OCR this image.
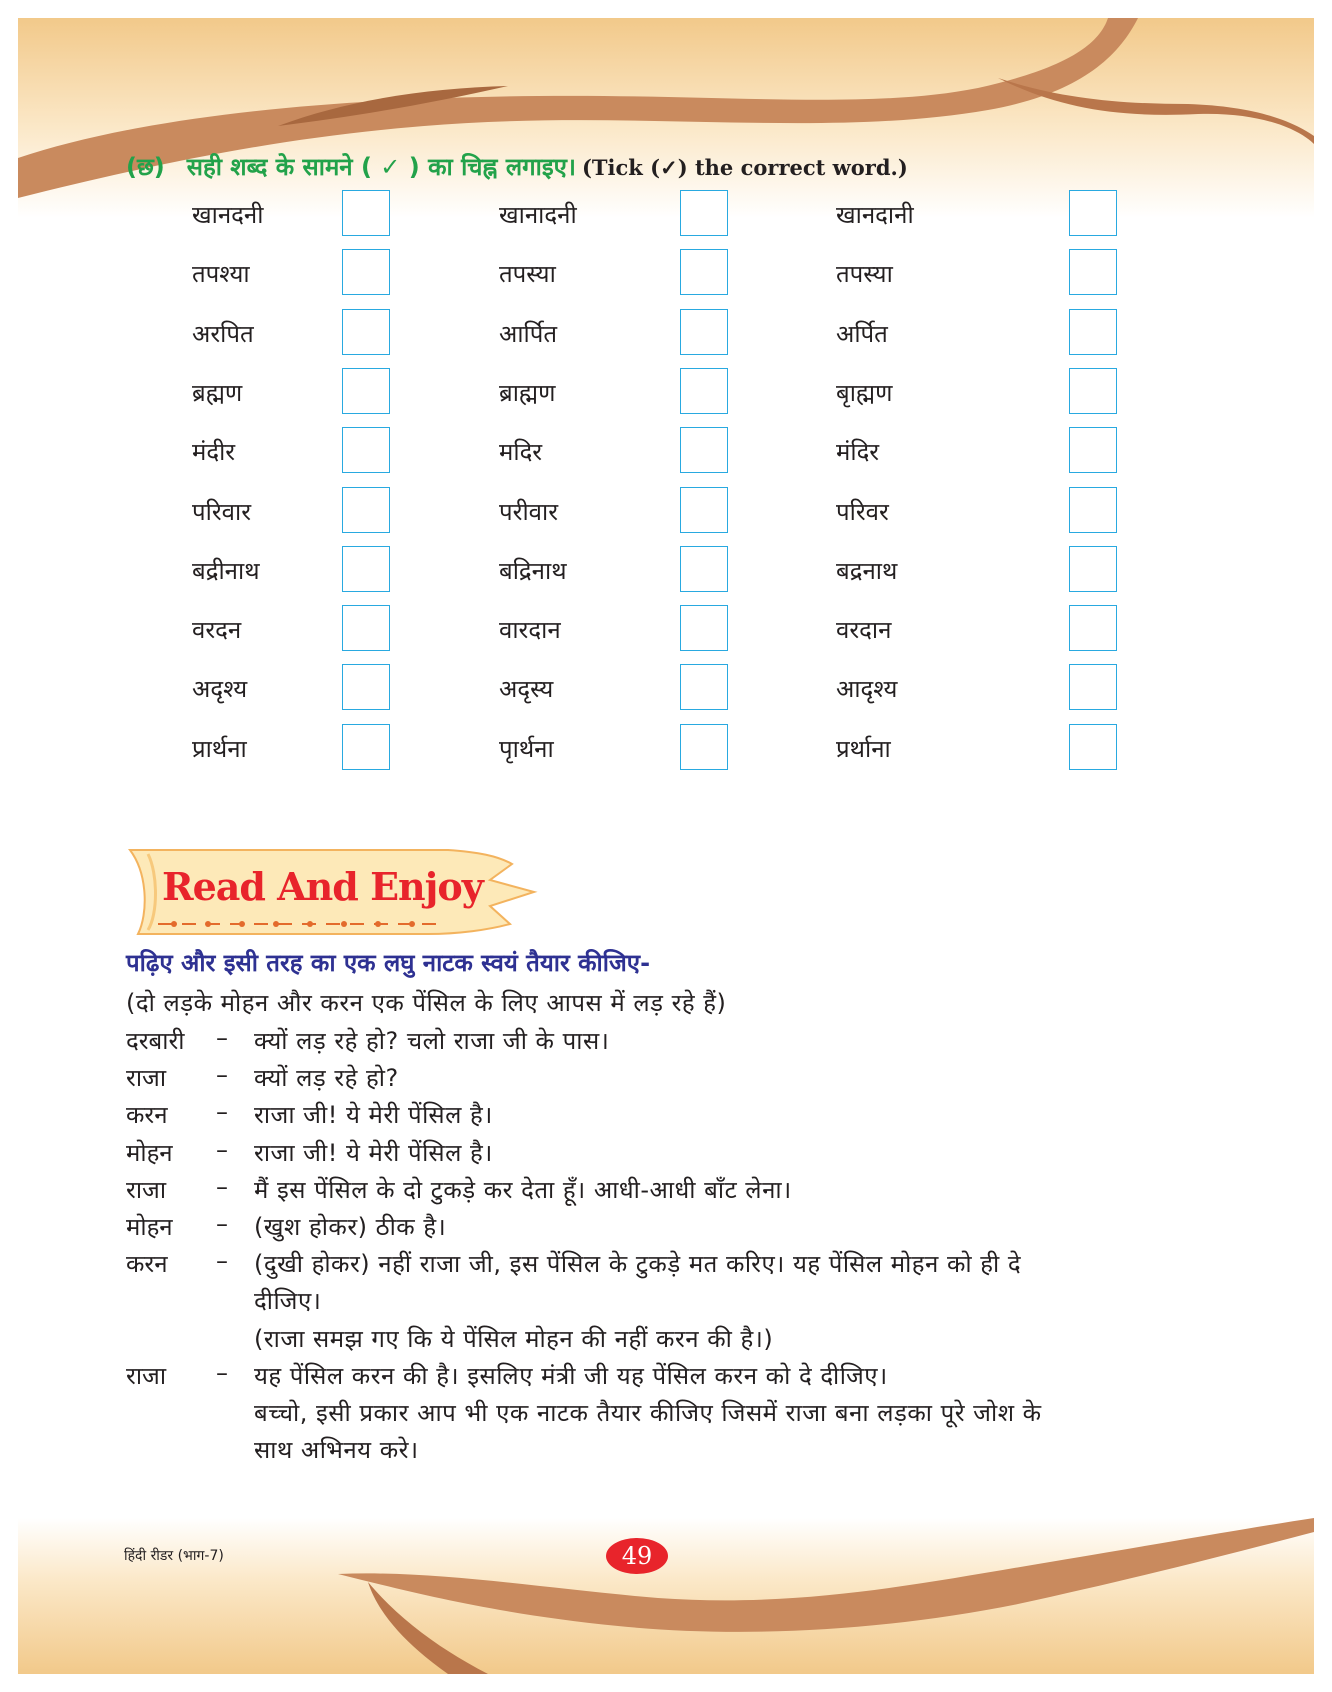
(छ) सही शब्द के सामने ( ✓ ) का चिह्न लगाइए। (Tick (✓) the correct word.)
Read And Enjoy
पढ़िए और इसी तरह का एक लघु नाटक स्वयं तैयार कीजिए-
(दो लड़के मोहन और करन एक पेंसिल के लिए आपस में लड़ रहे हैं)
हिंदी रीडर (भाग-7)	49
खानदनी	खानादनी	खानदानी
तपश्या	तपस्या	तपस्या
अरपित	आर्पित	अर्पित
ब्रह्मण	ब्राह्मण	बृाह्मण
मंदीर	मदिर	मंदिर
परिवार	परीवार	परिवर
बद्रीनाथ	बद्रिनाथ	बद्रनाथ
वरदन	वारदान	वरदान
अदृश्य	अदृस्य	आदृश्य
प्रार्थना	पृार्थना	प्रर्थाना
दरबारी – क्यों लड़ रहे हो? चलो राजा जी के पास।
राजा – क्यों लड़ रहे हो?
करन – राजा जी! ये मेरी पेंसिल है।
मोहन – राजा जी! ये मेरी पेंसिल है।
राजा – मैं इस पेंसिल के दो टुकड़े कर देता हूँ। आधी-आधी बाँट लेना।
मोहन – (खुश होकर) ठीक है।
करन – (दुखी होकर) नहीं राजा जी, इस पेंसिल के टुकड़े मत करिए। यह पेंसिल मोहन को ही दे
दीजिए।
(राजा समझ गए कि ये पेंसिल मोहन की नहीं करन की है।)
राजा – यह पेंसिल करन की है। इसलिए मंत्री जी यह पेंसिल करन को दे दीजिए।
बच्चो, इसी प्रकार आप भी एक नाटक तैयार कीजिए जिसमें राजा बना लड़का पूरे जोश के
साथ अभिनय करे।
